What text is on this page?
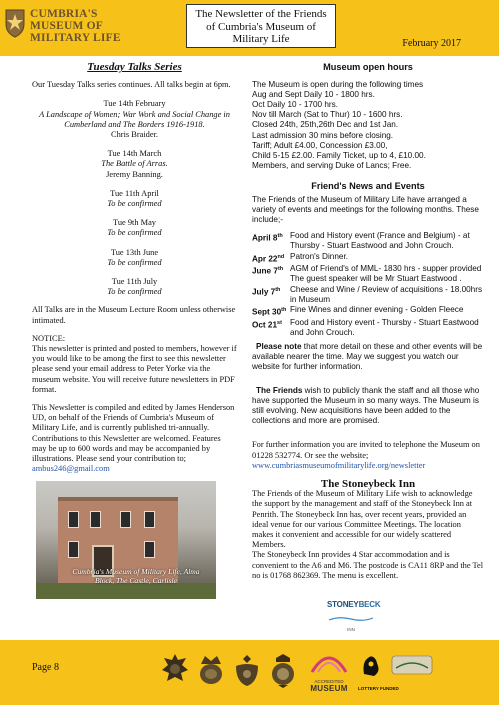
CUMBRIA'S
MUSEUM OF
MILITARY LIFE
The Newsletter of the Friends
of Cumbria's Museum of
Military Life	February 2017
Tuesday Talks Series

Our Tuesday Talks series continues. All talks begin at 6pm.

Tue 14th February
A Landscape of Women; War Work and Social Change in Cumberland and The Borders 1916-1918.
Chris Braider.
Tue 14th March
The Battle of Arras.
Jeremy Banning.
Tue 11th April
To be confirmed
Tue 9th May
To be confirmed
Tue 13th June
To be confirmed
Tue 11th July
To be confirmed

All Talks are in the Museum Lecture Room unless otherwise intimated.

NOTICE:

This newsletter is printed and posted to members, however if you would like to be among the first to see this newsletter please send your email address to Peter Yorke via the museum website. You will receive future newsletters in PDF format.

This Newsletter is compiled and edited by James Henderson UD, on behalf of the Friends of Cumbria's Museum of Military Life, and is currently published tri-annually.

Contributions to this Newsletter are welcomed. Features may be up to 600 words and may be accompanied by illustrations. Please send your contribution to;

ambus246@gmail.com

Cumbria's Museum of Military Life, Alma Block, The Castle, Carlisle
Museum open hours
The Museum is open during the following times
Aug and Sept Daily 10 - 1800 hrs.
Oct Daily 10 - 1700 hrs.
Nov till March (Sat to Thur) 10 - 1600 hrs.
Closed 24th, 25th,26th Dec and 1st Jan.
Last admission 30 mins before closing.
Tariff; Adult £4.00, Concession £3.00,
Child 5-15 £2.00. Family Ticket, up to 4, £10.00.
Members, and serving Duke of Lancs; Free.
Friend's News and Events

The Friends of the Museum of Military Life have arranged a variety of events and meetings for the following months. These include;-

April 8th Food and History event (France and Belgium) - at Thursby - Stuart Eastwood and John Crouch.
Apr 22nd Patron's Dinner.
June 7th AGM of Friend's of MML- 1830 hrs - supper provided The guest speaker will be Mr Stuart Eastwood .
July 7th	Cheese and Wine / Review of acquisitions - 18.00hrs in Museum
Sept 30th Fine Wines and dinner evening - Golden Fleece
Oct 21st Food and History event - Thursby - Stuart Eastwood and John Crouch.

Please note that more detail on these and other events will be available nearer the time. May we suggest you watch our website for further information.

The Friends wish to publicly thank the staff and all those who have supported the Museum in so many ways. The Museum is still evolving. New acquisitions have been added to the collections and more are promised.

For further information you are invited to telephone the Museum on 01228 532774. Or see the website;

www.cumbriasmuseumofmilitarylife.org/newsletter

The Stoneybeck Inn

The Friends of the Museum of Military Life wish to acknowledge the support by the management and staff of the Stoneybeck Inn at Penrith. The Stoneybeck Inn has, over recent years, provided an ideal venue for our various Committee Meetings. The location makes it convenient and accessible for our widely scattered Members.

The Stoneybeck Inn provides 4 Star accommodation and is convenient to the A6 and M6. The postcode is CA11 8RP and the Tel no is 01768 862369. The menu is excellent.

STONEYBECK
INN
Page 8
ACCREDITED
MUSEUM	LOTTERY FUNDED
